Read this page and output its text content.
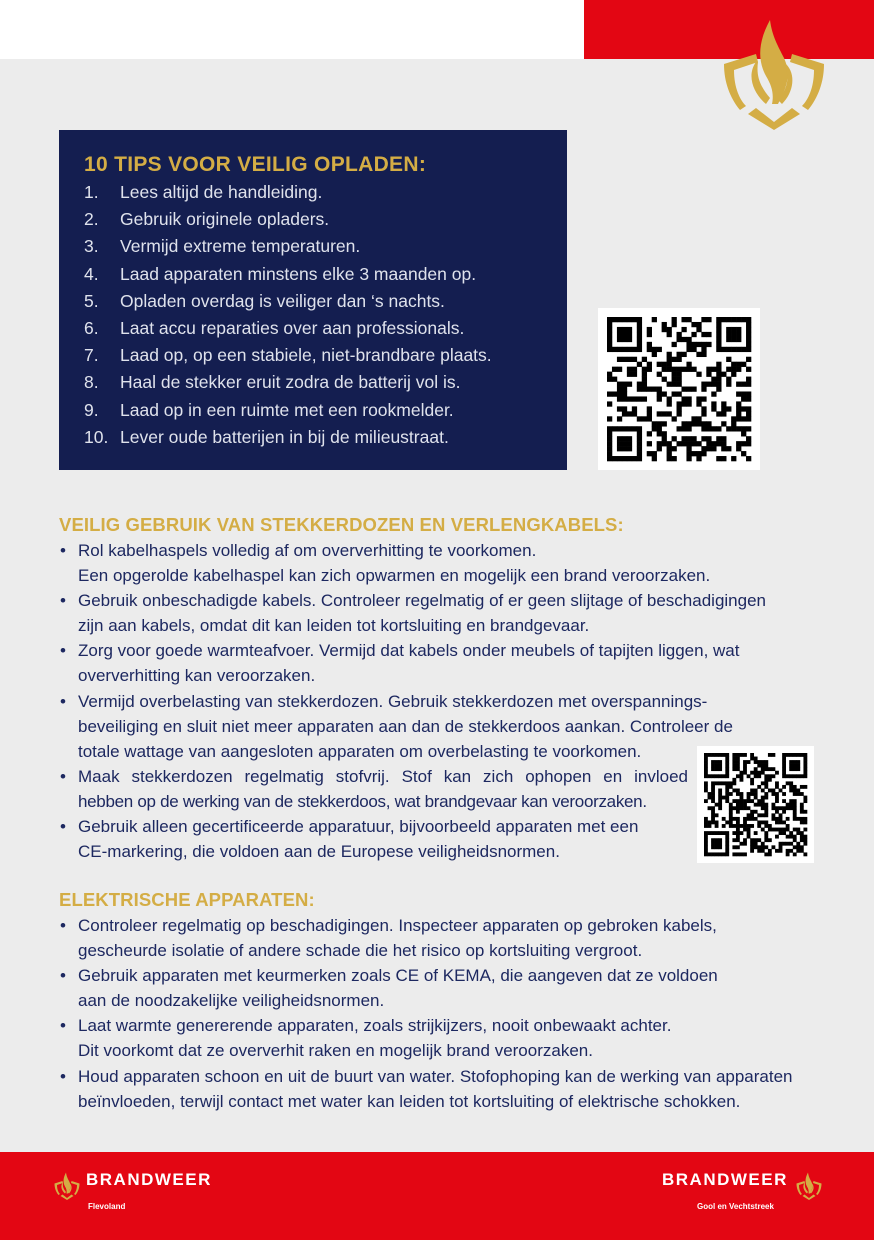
10 TIPS VOOR VEILIG OPLADEN:
1.	Lees altijd de handleiding.
2.	Gebruik originele opladers.
3.	Vermijd extreme temperaturen.
4.	Laad apparaten minstens elke 3 maanden op.
5.	Opladen overdag is veiliger dan ‘s nachts.
6.	Laat accu reparaties over aan professionals.
7.	Laad op, op een stabiele, niet-brandbare plaats.
8.	Haal de stekker eruit zodra de batterij vol is.
9.	Laad op in een ruimte met een rookmelder.
10. Lever oude batterijen in bij de milieustraat.
VEILIG GEBRUIK VAN STEKKERDOZEN EN VERLENGKABELS:
• Rol kabelhaspels volledig af om oververhitting te voorkomen.
Een opgerolde kabelhaspel kan zich opwarmen en mogelijk een brand veroorzaken.
• Gebruik onbeschadigde kabels. Controleer regelmatig of er geen slijtage of beschadigingen
zijn aan kabels, omdat dit kan leiden tot kortsluiting en brandgevaar.
• Zorg voor goede warmteafvoer. Vermijd dat kabels onder meubels of tapijten liggen, wat
oververhitting kan veroorzaken.
• Vermijd overbelasting van stekkerdozen. Gebruik stekkerdozen met overspannings-
beveiliging en sluit niet meer apparaten aan dan de stekkerdoos aankan. Controleer de
totale wattage van aangesloten apparaten om overbelasting te voorkomen.
• Maak stekkerdozen regelmatig stofvrij. Stof kan zich ophopen en invloed
hebben op de werking van de stekkerdoos, wat brandgevaar kan veroorzaken.
• Gebruik alleen gecertificeerde apparatuur, bijvoorbeeld apparaten met een
CE-markering, die voldoen aan de Europese veiligheidsnormen.
ELEKTRISCHE APPARATEN:
• Controleer regelmatig op beschadigingen. Inspecteer apparaten op gebroken kabels,
gescheurde isolatie of andere schade die het risico op kortsluiting vergroot.
• Gebruik apparaten met keurmerken zoals CE of KEMA, die aangeven dat ze voldoen
aan de noodzakelijke veiligheidsnormen.
• Laat warmte genererende apparaten, zoals strijkijzers, nooit onbewaakt achter.
Dit voorkomt dat ze oververhit raken en mogelijk brand veroorzaken.
• Houd apparaten schoon en uit de buurt van water. Stofophoping kan de werking van apparaten
beïnvloeden, terwijl contact met water kan leiden tot kortsluiting of elektrische schokken.
BRANDWEER
Flevoland
BRANDWEER
Gool en Vechtstreek
